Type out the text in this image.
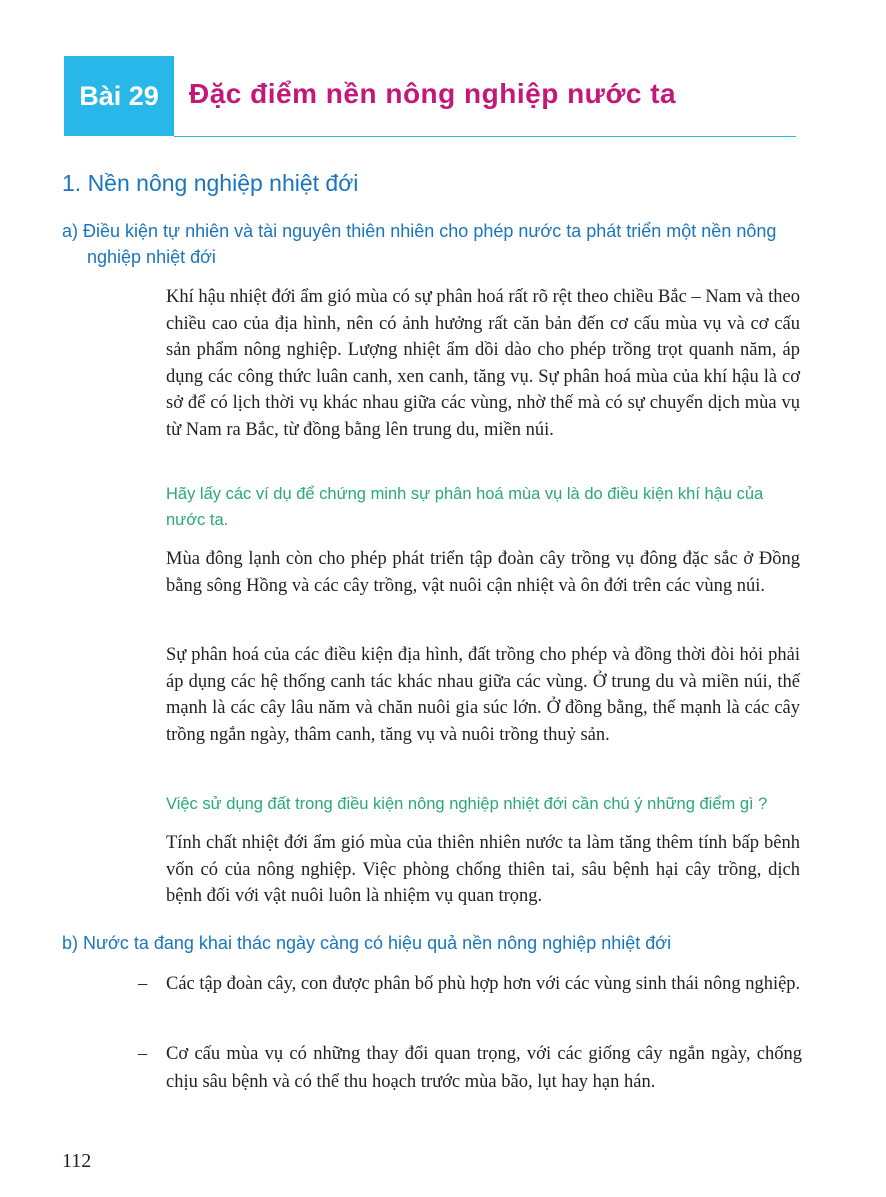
Bài 29	Đặc điểm nền nông nghiệp nước ta
1. Nền nông nghiệp nhiệt đới
a) Điều kiện tự nhiên và tài nguyên thiên nhiên cho phép nước ta phát triển một nền nông nghiệp nhiệt đới

Khí hậu nhiệt đới ẩm gió mùa có sự phân hoá rất rõ rệt theo chiều Bắc – Nam và theo chiều cao của địa hình, nên có ảnh hưởng rất căn bản đến cơ cấu mùa vụ và cơ cấu sản phẩm nông nghiệp. Lượng nhiệt ẩm dồi dào cho phép trồng trọt quanh năm, áp dụng các công thức luân canh, xen canh, tăng vụ. Sự phân hoá mùa của khí hậu là cơ sở để có lịch thời vụ khác nhau giữa các vùng, nhờ thế mà có sự chuyển dịch mùa vụ từ Nam ra Bắc, từ đồng bằng lên trung du, miền núi.

Hãy lấy các ví dụ để chứng minh sự phân hoá mùa vụ là do điều kiện khí hậu của nước ta.

Mùa đông lạnh còn cho phép phát triển tập đoàn cây trồng vụ đông đặc sắc ở Đồng bằng sông Hồng và các cây trồng, vật nuôi cận nhiệt và ôn đới trên các vùng núi.

Sự phân hoá của các điều kiện địa hình, đất trồng cho phép và đồng thời đòi hỏi phải áp dụng các hệ thống canh tác khác nhau giữa các vùng. Ở trung du và miền núi, thế mạnh là các cây lâu năm và chăn nuôi gia súc lớn. Ở đồng bằng, thế mạnh là các cây trồng ngắn ngày, thâm canh, tăng vụ và nuôi trồng thuỷ sản.

Việc sử dụng đất trong điều kiện nông nghiệp nhiệt đới cần chú ý những điểm gì ?

Tính chất nhiệt đới ẩm gió mùa của thiên nhiên nước ta làm tăng thêm tính bấp bênh vốn có của nông nghiệp. Việc phòng chống thiên tai, sâu bệnh hại cây trồng, dịch bệnh đối với vật nuôi luôn là nhiệm vụ quan trọng.

b) Nước ta đang khai thác ngày càng có hiệu quả nền nông nghiệp nhiệt đới
–	Các tập đoàn cây, con được phân bố phù hợp hơn với các vùng sinh thái nông nghiệp.
–	Cơ cấu mùa vụ có những thay đổi quan trọng, với các giống cây ngắn ngày, chống chịu sâu bệnh và có thể thu hoạch trước mùa bão, lụt hay hạn hán.
112
